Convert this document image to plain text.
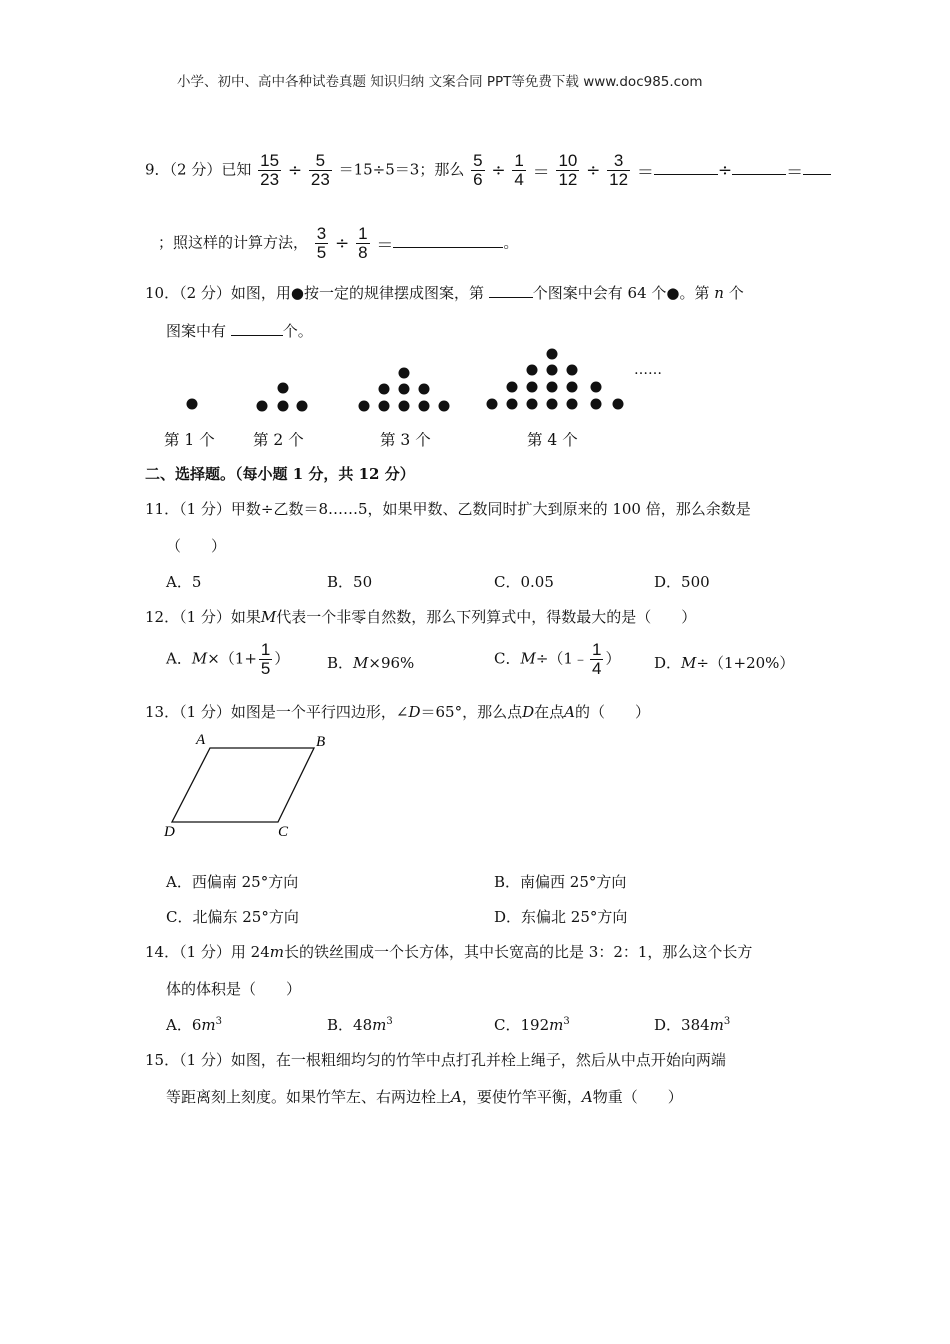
小学、初中、高中各种试卷真题 知识归纳 文案合同 PPT等免费下载 www.doc985.com
9．（2 分）已知 $\frac{15}{23} \div \frac{5}{23} =15\div 5=3$；那么 $\frac{5}{6} \div \frac{1}{4} = \frac{10}{12} \div \frac{3}{12}$ ＝	÷	＝
；照这样的计算方法， $\frac{3}{5} \div \frac{1}{8}$ ＝	。
10．（2 分）如图，用●按一定的规律摆成图案，第	个图案中会有 64 个●。第 n 个
图案中有	个。
……
第 1 个 第 2 个	第 3 个	第 4 个
二、选择题。（每小题 1 分，共 12 分）
11．（1 分）甲数÷乙数＝8……5，如果甲数、乙数同时扩大到原来的 100 倍，那么余数是
（　　）
A．5	B．50	C．0.05	D．500
12．（1 分）如果M代表一个非零自然数，那么下列算式中，得数最大的是（　　）
A．$M\times(1+ \frac{1}{5}$ ）	B．M×96%	C．M÷（1﹣ $\frac{1}{4}$ ） D．M÷（1+20%）
13．（1 分）如图是一个平行四边形，∠D＝65°，那么点D在点A的（　　）
A	B
C
D
A．西偏南 25°方向	B．南偏西 25°方向
C．北偏东 25°方向	D．东偏北 25°方向
14．（1 分）用 24m长的铁丝围成一个长方体，其中长宽高的比是 3：2：1，那么这个长方
体的体积是（　　）
A．$6m^3$	B．$48m^3$	C．$192m^3$	D．$384m^3$
15．（1 分）如图，在一根粗细均匀的竹竿中点打孔并栓上绳子，然后从中点开始向两端
等距离刻上刻度。如果竹竿左、右两边栓上A，要使竹竿平衡，A物重（　　）
